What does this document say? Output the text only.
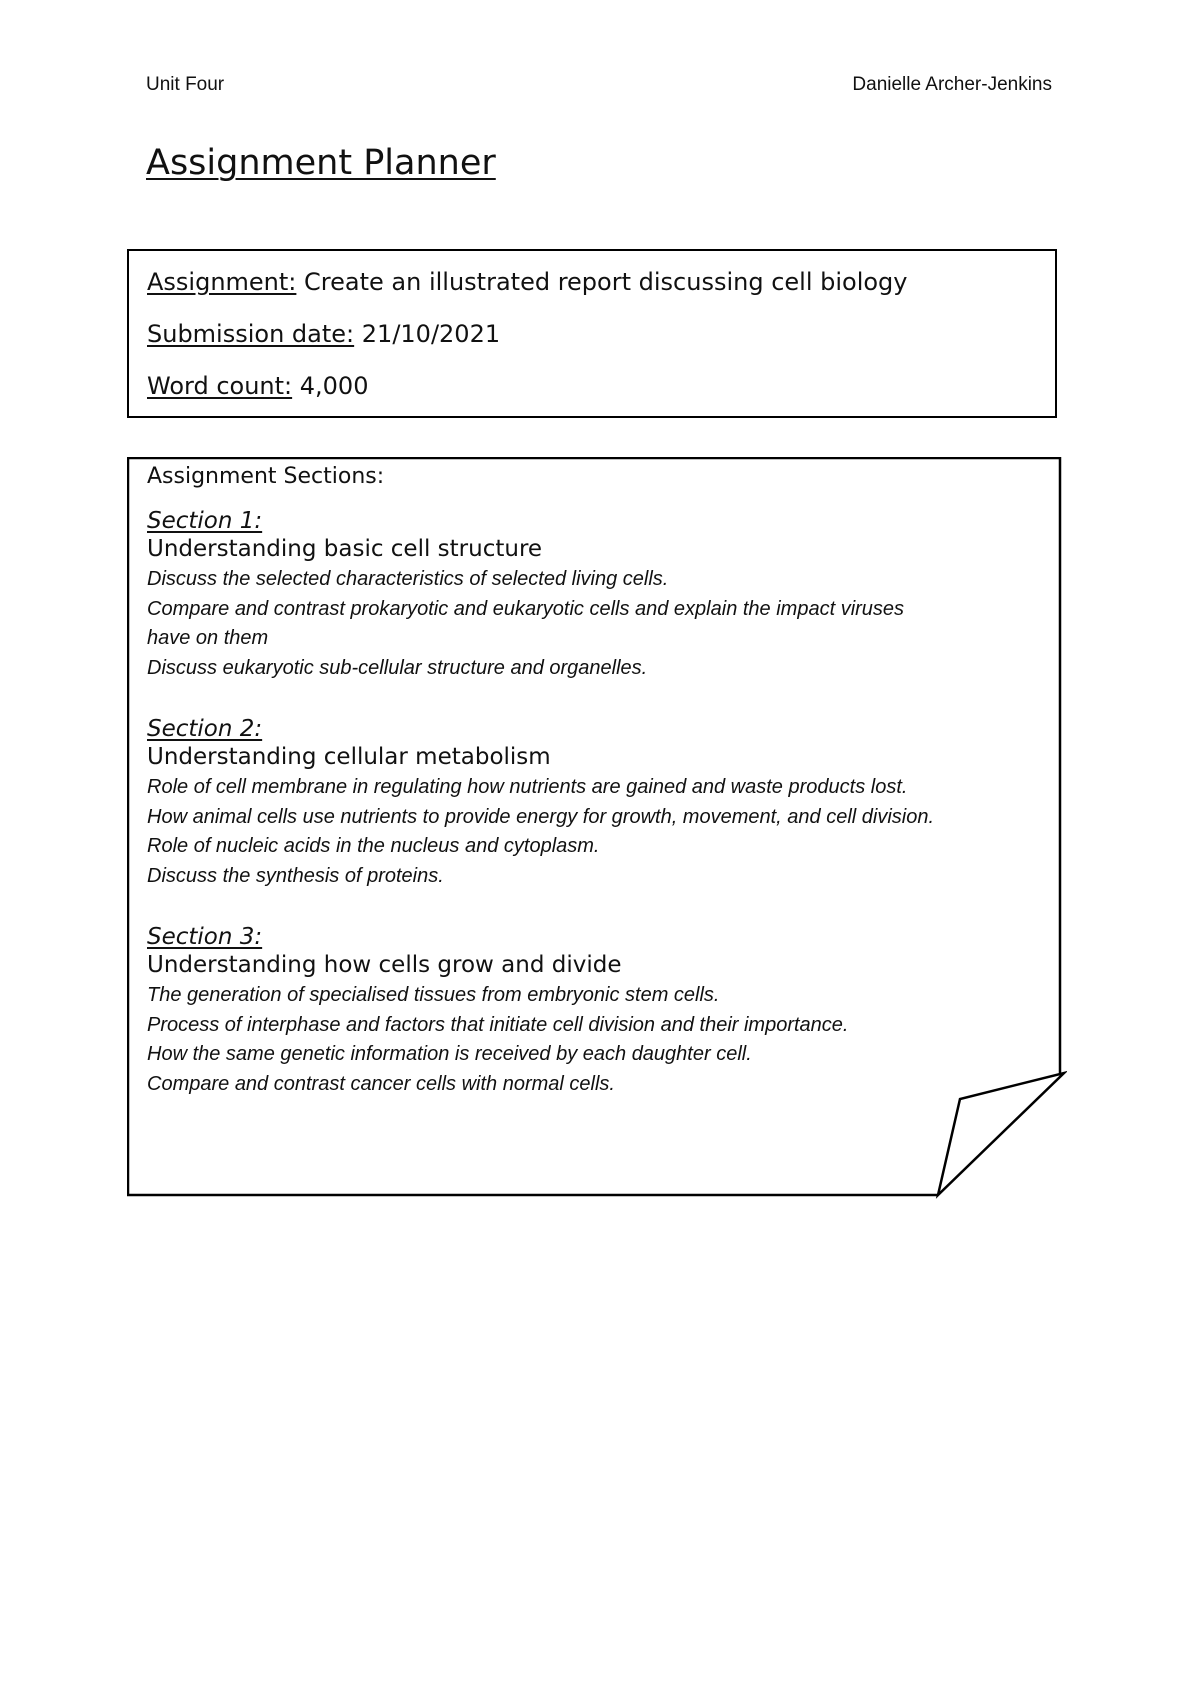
Unit Four	Danielle Archer-Jenkins
Assignment Planner
Assignment: Create an illustrated report discussing cell biology
Submission date: 21/10/2021
Word count: 4,000
Assignment Sections:
Section 1:
Understanding basic cell structure
Discuss the selected characteristics of selected living cells.
Compare and contrast prokaryotic and eukaryotic cells and explain the impact viruses have on them
Discuss eukaryotic sub-cellular structure and organelles.
Section 2:
Understanding cellular metabolism
Role of cell membrane in regulating how nutrients are gained and waste products lost.
How animal cells use nutrients to provide energy for growth, movement, and cell division.
Role of nucleic acids in the nucleus and cytoplasm.
Discuss the synthesis of proteins.
Section 3:
Understanding how cells grow and divide
The generation of specialised tissues from embryonic stem cells.
Process of interphase and factors that initiate cell division and their importance.
How the same genetic information is received by each daughter cell.
Compare and contrast cancer cells with normal cells.
